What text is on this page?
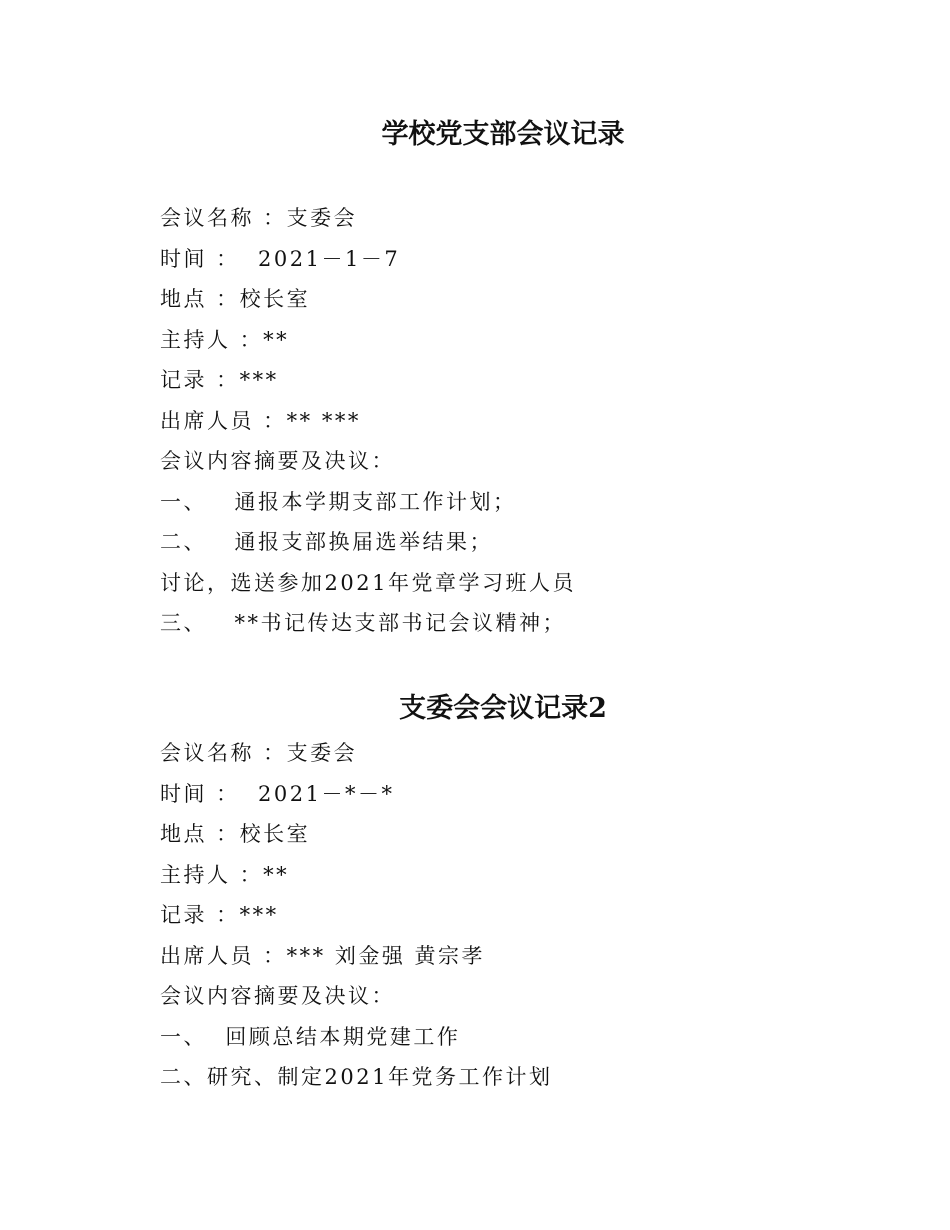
学校党支部会议记录
会议名称 ：支委会
时间 ：  2021－1－7
地点 ：校长室
主持人 ：**
记录 ：***
出席人员 ：** ***
会议内容摘要及决议：
一、   通报本学期支部工作计划；
二、   通报支部换届选举结果；
讨论，选送参加2021年党章学习班人员
三、   **书记传达支部书记会议精神；
支委会会议记录2
会议名称 ：支委会
时间 ：  2021－*－*
地点 ：校长室
主持人 ：**
记录 ：***
出席人员 ：*** 刘金强 黄宗孝
会议内容摘要及决议：
一、  回顾总结本期党建工作
二、研究、制定2021年党务工作计划
